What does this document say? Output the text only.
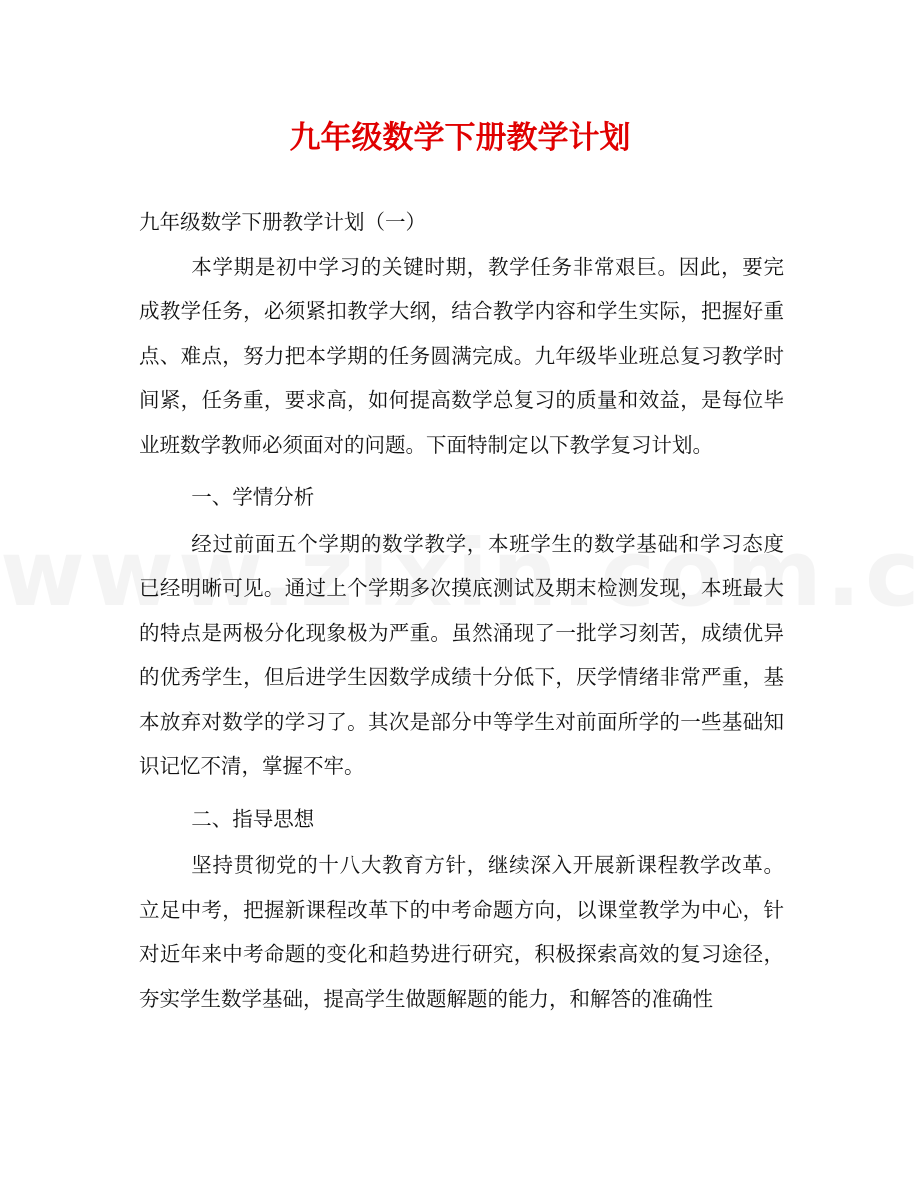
九年级数学下册教学计划

九年级数学下册教学计划（一）

本学期是初中学习的关键时期，教学任务非常艰巨。因此，要完成教学任务，必须紧扣教学大纲，结合教学内容和学生实际，把握好重点、难点，努力把本学期的任务圆满完成。九年级毕业班总复习教学时间紧，任务重，要求高，如何提高数学总复习的质量和效益，是每位毕业班数学教师必须面对的问题。下面特制定以下教学复习计划。

一、学情分析

经过前面五个学期的数学教学，本班学生的数学基础和学习态度已经明晰可见。通过上个学期多次摸底测试及期末检测发现，本班最大的特点是两极分化现象极为严重。虽然涌现了一批学习刻苦，成绩优异的优秀学生，但后进学生因数学成绩十分低下，厌学情绪非常严重，基本放弃对数学的学习了。其次是部分中等学生对前面所学的一些基础知识记忆不清，掌握不牢。

二、指导思想

坚持贯彻党的十八大教育方针，继续深入开展新课程教学改革。立足中考，把握新课程改革下的中考命题方向，以课堂教学为中心，针对近年来中考命题的变化和趋势进行研究，积极探索高效的复习途径，夯实学生数学基础，提高学生做题解题的能力，和解答的准确性
